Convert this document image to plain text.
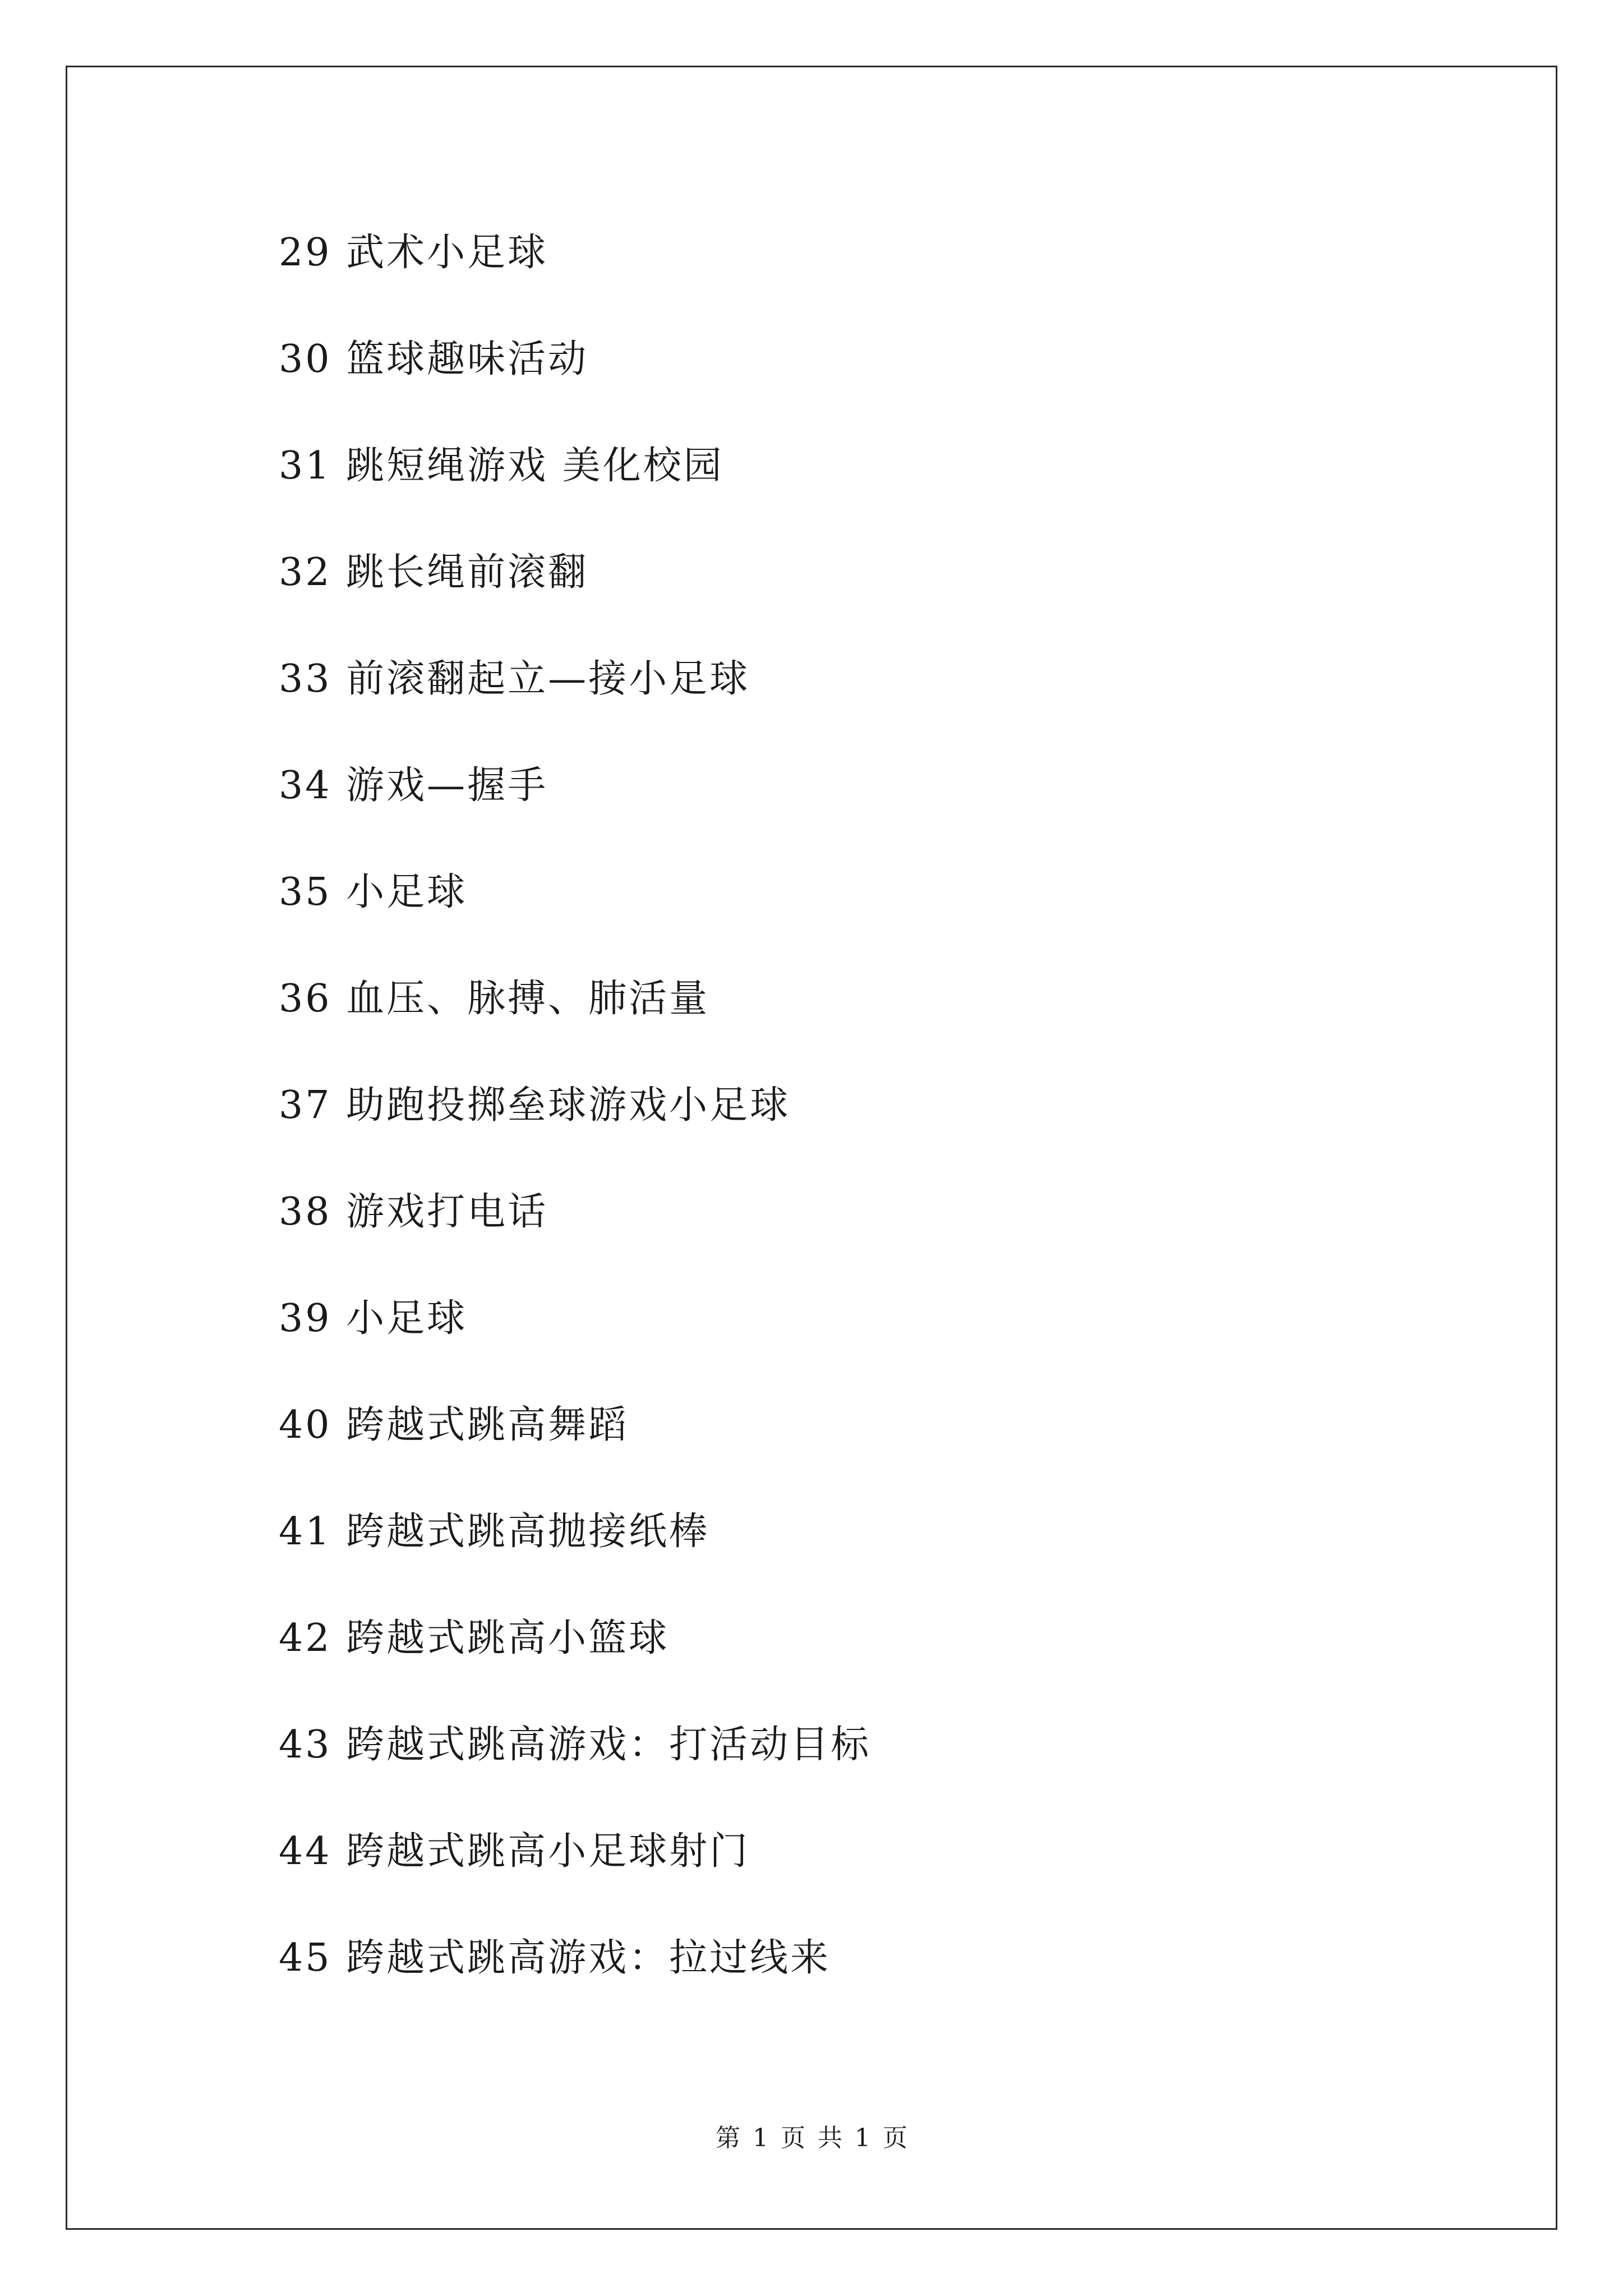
29 武术小足球
30 篮球趣味活动
31 跳短绳游戏 美化校园
32 跳长绳前滚翻
33 前滚翻起立—接小足球
34 游戏—握手
35 小足球
36 血压、脉搏、肺活量
37 助跑投掷垒球游戏小足球
38 游戏打电话
39 小足球
40 跨越式跳高舞蹈
41 跨越式跳高抛接纸棒
42 跨越式跳高小篮球
43 跨越式跳高游戏：打活动目标
44 跨越式跳高小足球射门
45 跨越式跳高游戏：拉过线来
第 1 页 共 1 页
